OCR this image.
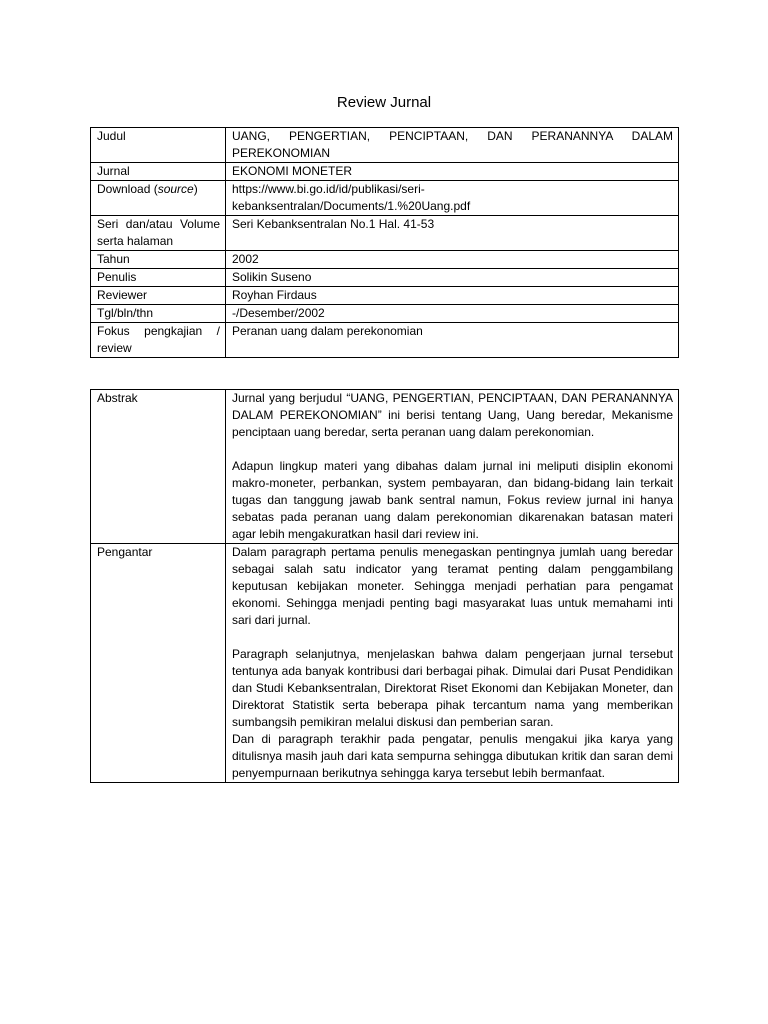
Review Jurnal
Judul	UANG, PENGERTIAN, PENCIPTAAN, DAN PERANANNYA DALAM PEREKONOMIAN
Jurnal	EKONOMI MONETER
Download (source)	https://www.bi.go.id/id/publikasi/seri-
kebanksentralan/Documents/1.%20Uang.pdf

Seri dan/atau Volume serta halaman	Seri Kebanksentralan No.1 Hal. 41-53
Tahun	2002
Penulis	Solikin Suseno
Reviewer	Royhan Firdaus
Tgl/bln/thn	-/Desember/2002
Fokus pengkajian / review	Peranan uang dalam perekonomian
Abstrak	Jurnal yang berjudul “UANG, PENGERTIAN, PENCIPTAAN, DAN PERANANNYA DALAM PEREKONOMIAN” ini berisi tentang Uang, Uang beredar, Mekanisme penciptaan uang beredar, serta peranan uang dalam perekonomian.

Adapun lingkup materi yang dibahas dalam jurnal ini meliputi disiplin ekonomi makro-moneter, perbankan, system pembayaran, dan bidang-bidang lain terkait tugas dan tanggung jawab bank sentral namun, Fokus review jurnal ini hanya sebatas pada peranan uang dalam perekonomian dikarenakan batasan materi agar lebih mengakuratkan hasil dari review ini.

Pengantar	Dalam paragraph pertama penulis menegaskan pentingnya jumlah uang beredar sebagai salah satu indicator yang teramat penting dalam penggambilang keputusan kebijakan moneter. Sehingga menjadi perhatian para pengamat ekonomi. Sehingga menjadi penting bagi masyarakat luas untuk memahami inti sari dari jurnal.

Paragraph selanjutnya, menjelaskan bahwa dalam pengerjaan jurnal tersebut tentunya ada banyak kontribusi dari berbagai pihak. Dimulai dari Pusat Pendidikan dan Studi Kebanksentralan, Direktorat Riset Ekonomi dan Kebijakan Moneter, dan Direktorat Statistik serta beberapa pihak tercantum nama yang memberikan sumbangsih pemikiran melalui diskusi dan pemberian saran.

Dan di paragraph terakhir pada pengatar, penulis mengakui jika karya yang ditulisnya masih jauh dari kata sempurna sehingga dibutukan kritik dan saran demi penyempurnaan berikutnya sehingga karya tersebut lebih bermanfaat.
